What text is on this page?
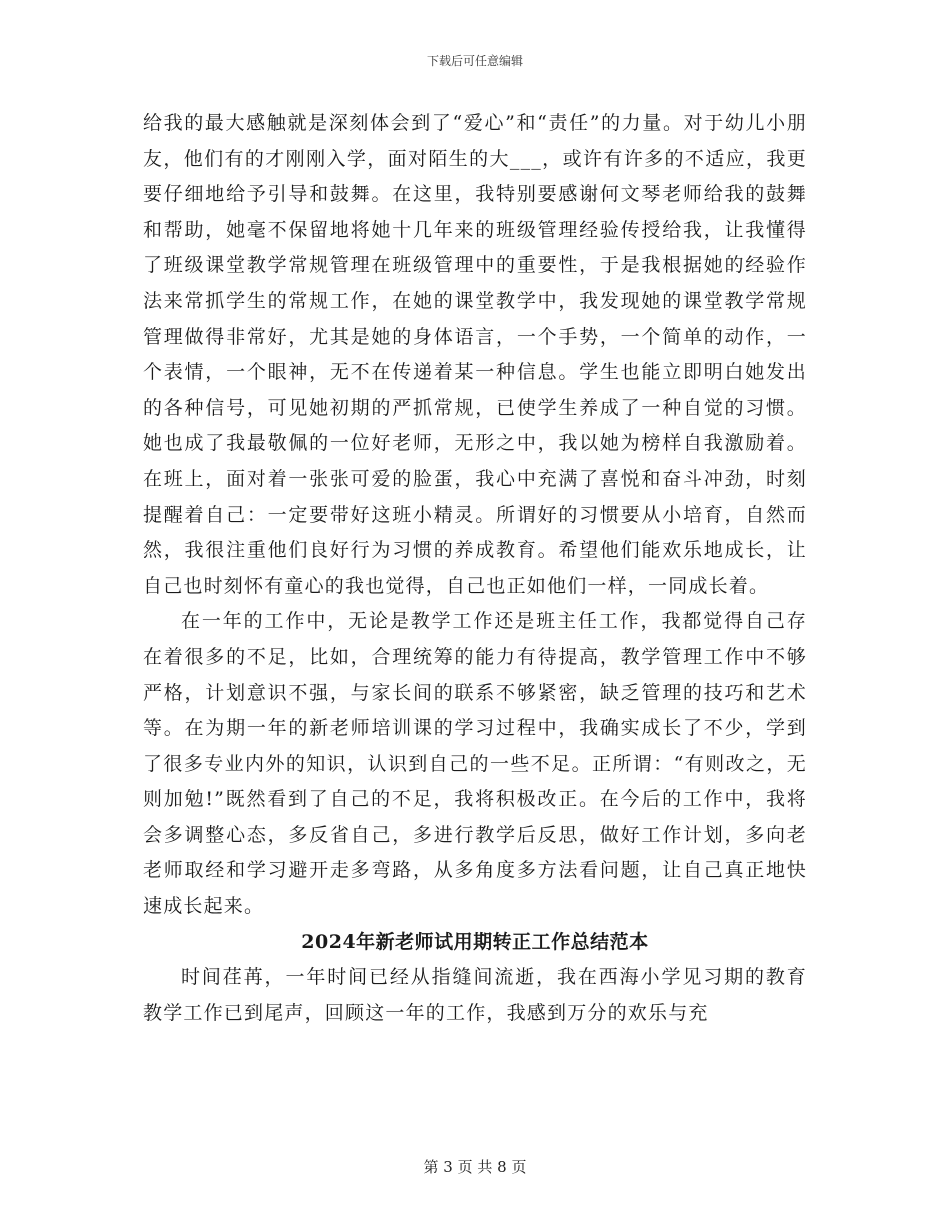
下载后可任意编辑

给我的最大感触就是深刻体会到了“爱心”和“责任”的力量。对于幼儿小朋友，他们有的才刚刚入学，面对陌生的大___，或许有许多的不适应，我更要仔细地给予引导和鼓舞。在这里，我特别要感谢何文琴老师给我的鼓舞和帮助，她毫不保留地将她十几年来的班级管理经验传授给我，让我懂得了班级课堂教学常规管理在班级管理中的重要性，于是我根据她的经验作法来常抓学生的常规工作，在她的课堂教学中，我发现她的课堂教学常规管理做得非常好，尤其是她的身体语言，一个手势，一个简单的动作，一个表情，一个眼神，无不在传递着某一种信息。学生也能立即明白她发出的各种信号，可见她初期的严抓常规，已使学生养成了一种自觉的习惯。她也成了我最敬佩的一位好老师，无形之中，我以她为榜样自我激励着。在班上，面对着一张张可爱的脸蛋，我心中充满了喜悦和奋斗冲劲，时刻提醒着自己：一定要带好这班小精灵。所谓好的习惯要从小培育，自然而然，我很注重他们良好行为习惯的养成教育。希望他们能欢乐地成长，让自己也时刻怀有童心的我也觉得，自己也正如他们一样，一同成长着。

在一年的工作中，无论是教学工作还是班主任工作，我都觉得自己存在着很多的不足，比如，合理统筹的能力有待提高，教学管理工作中不够严格，计划意识不强，与家长间的联系不够紧密，缺乏管理的技巧和艺术等。在为期一年的新老师培训课的学习过程中，我确实成长了不少，学到了很多专业内外的知识，认识到自己的一些不足。正所谓：“有则改之，无则加勉!”既然看到了自己的不足，我将积极改正。在今后的工作中，我将会多调整心态，多反省自己，多进行教学后反思，做好工作计划，多向老老师取经和学习避开走多弯路，从多角度多方法看问题，让自己真正地快速成长起来。

2024年新老师试用期转正工作总结范本

时间荏苒，一年时间已经从指缝间流逝，我在西海小学见习期的教育教学工作已到尾声，回顾这一年的工作，我感到万分的欢乐与充

第 3 页 共 8 页
